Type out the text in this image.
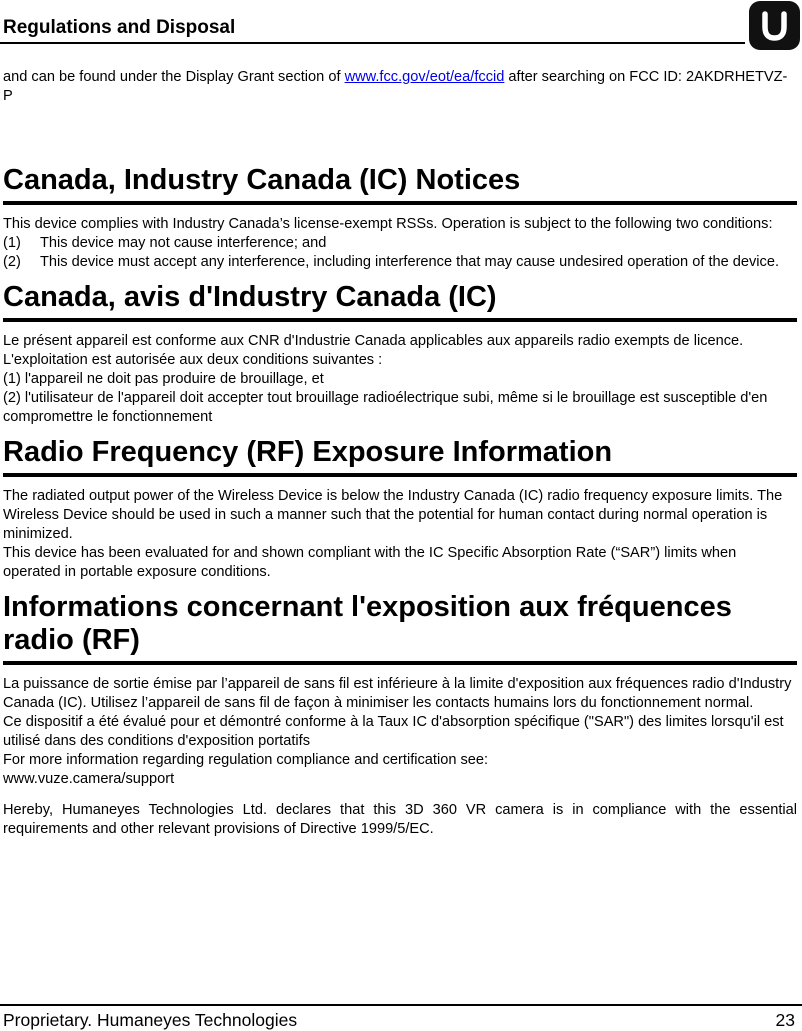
Regulations and Disposal

and can be found under the Display Grant section of www.fcc.gov/eot/ea/fccid after searching on FCC ID: 2AKDRHETVZ-P

Canada, Industry Canada (IC) Notices

This device complies with Industry Canada’s license-exempt RSSs. Operation is subject to the following two conditions:

(1) This device may not cause interference; and
(2) This device must accept any interference, including interference that may cause undesired operation of the device.
Canada, avis d'Industry Canada (IC)

Le présent appareil est conforme aux CNR d'Industrie Canada applicables aux appareils radio exempts de licence. L'exploitation est autorisée aux deux conditions suivantes :

(1) l'appareil ne doit pas produire de brouillage, et

(2) l'utilisateur de l'appareil doit accepter tout brouillage radioélectrique subi, même si le brouillage est susceptible d'en compromettre le fonctionnement

Radio Frequency (RF) Exposure Information

The radiated output power of the Wireless Device is below the Industry Canada (IC) radio frequency exposure limits. The Wireless Device should be used in such a manner such that the potential for human contact during normal operation is minimized.

This device has been evaluated for and shown compliant with the IC Specific Absorption Rate (“SAR”) limits when operated in portable exposure conditions.

Informations concernant l'exposition aux fréquences radio (RF)

La puissance de sortie émise par l’appareil de sans fil est inférieure à la limite d'exposition aux fréquences radio d'Industry Canada (IC). Utilisez l’appareil de sans fil de façon à minimiser les contacts humains lors du fonctionnement normal.

Ce dispositif a été évalué pour et démontré conforme à la Taux IC d'absorption spécifique ("SAR") des limites lorsqu'il est utilisé dans des conditions d'exposition portatifs

For more information regarding regulation compliance and certification see:

www.vuze.camera/support

Hereby, Humaneyes Technologies Ltd. declares that this 3D 360 VR camera is in compliance with the essential requirements and other relevant provisions of Directive 1999/5/EC.

Proprietary. Humaneyes Technologies	23
